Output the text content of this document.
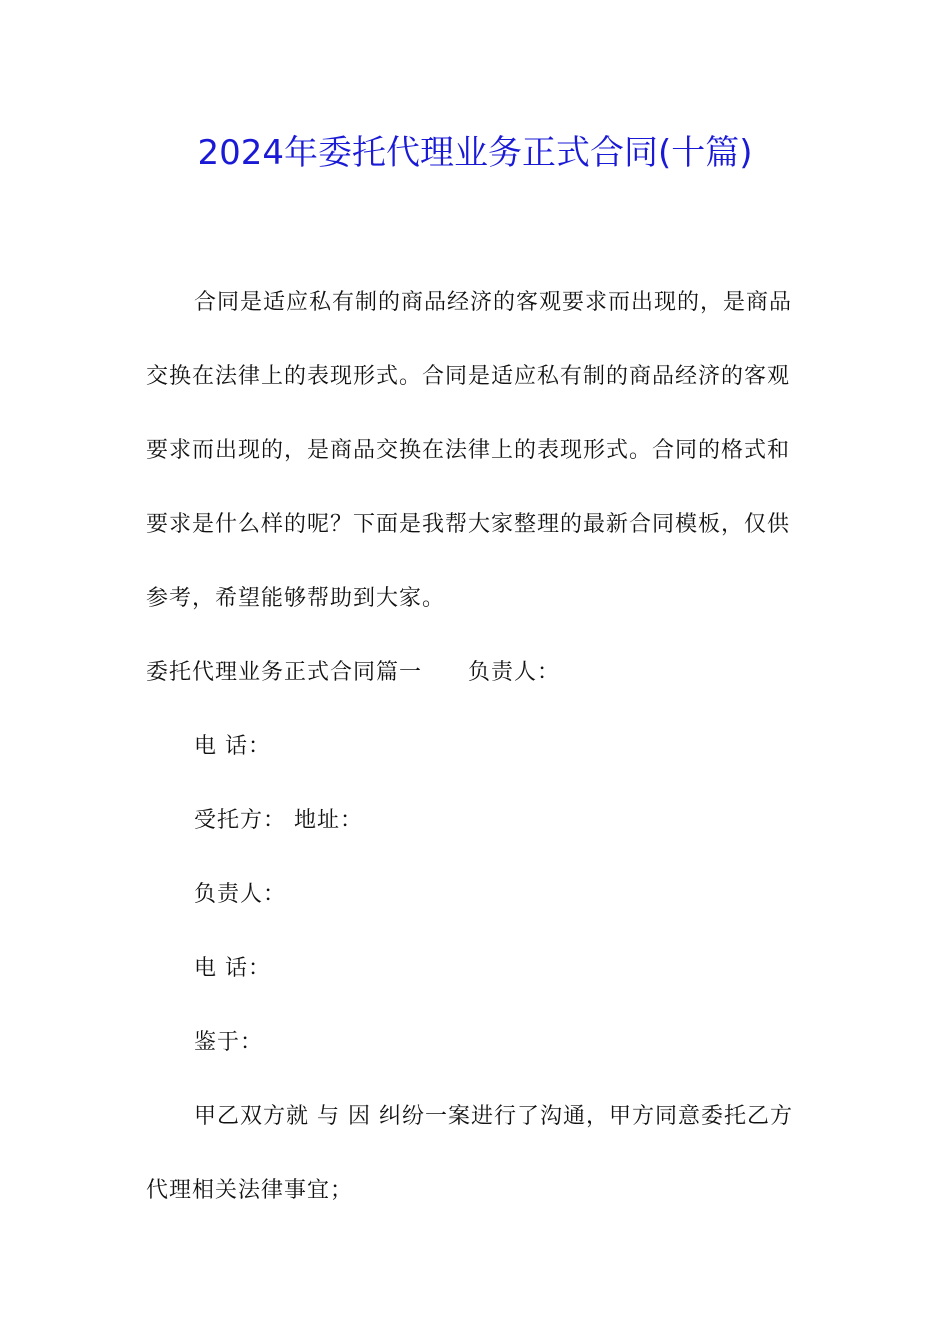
2024年委托代理业务正式合同(十篇)

合同是适应私有制的商品经济的客观要求而出现的，是商品交换在法律上的表现形式。合同是适应私有制的商品经济的客观要求而出现的，是商品交换在法律上的表现形式。合同的格式和要求是什么样的呢？下面是我帮大家整理的最新合同模板，仅供参考，希望能够帮助到大家。

委托代理业务正式合同篇一 负责人：

电 话：

受托方： 地址：

负责人：

电 话：

鉴于：

甲乙双方就 与 因 纠纷一案进行了沟通，甲方同意委托乙方代理相关法律事宜；
